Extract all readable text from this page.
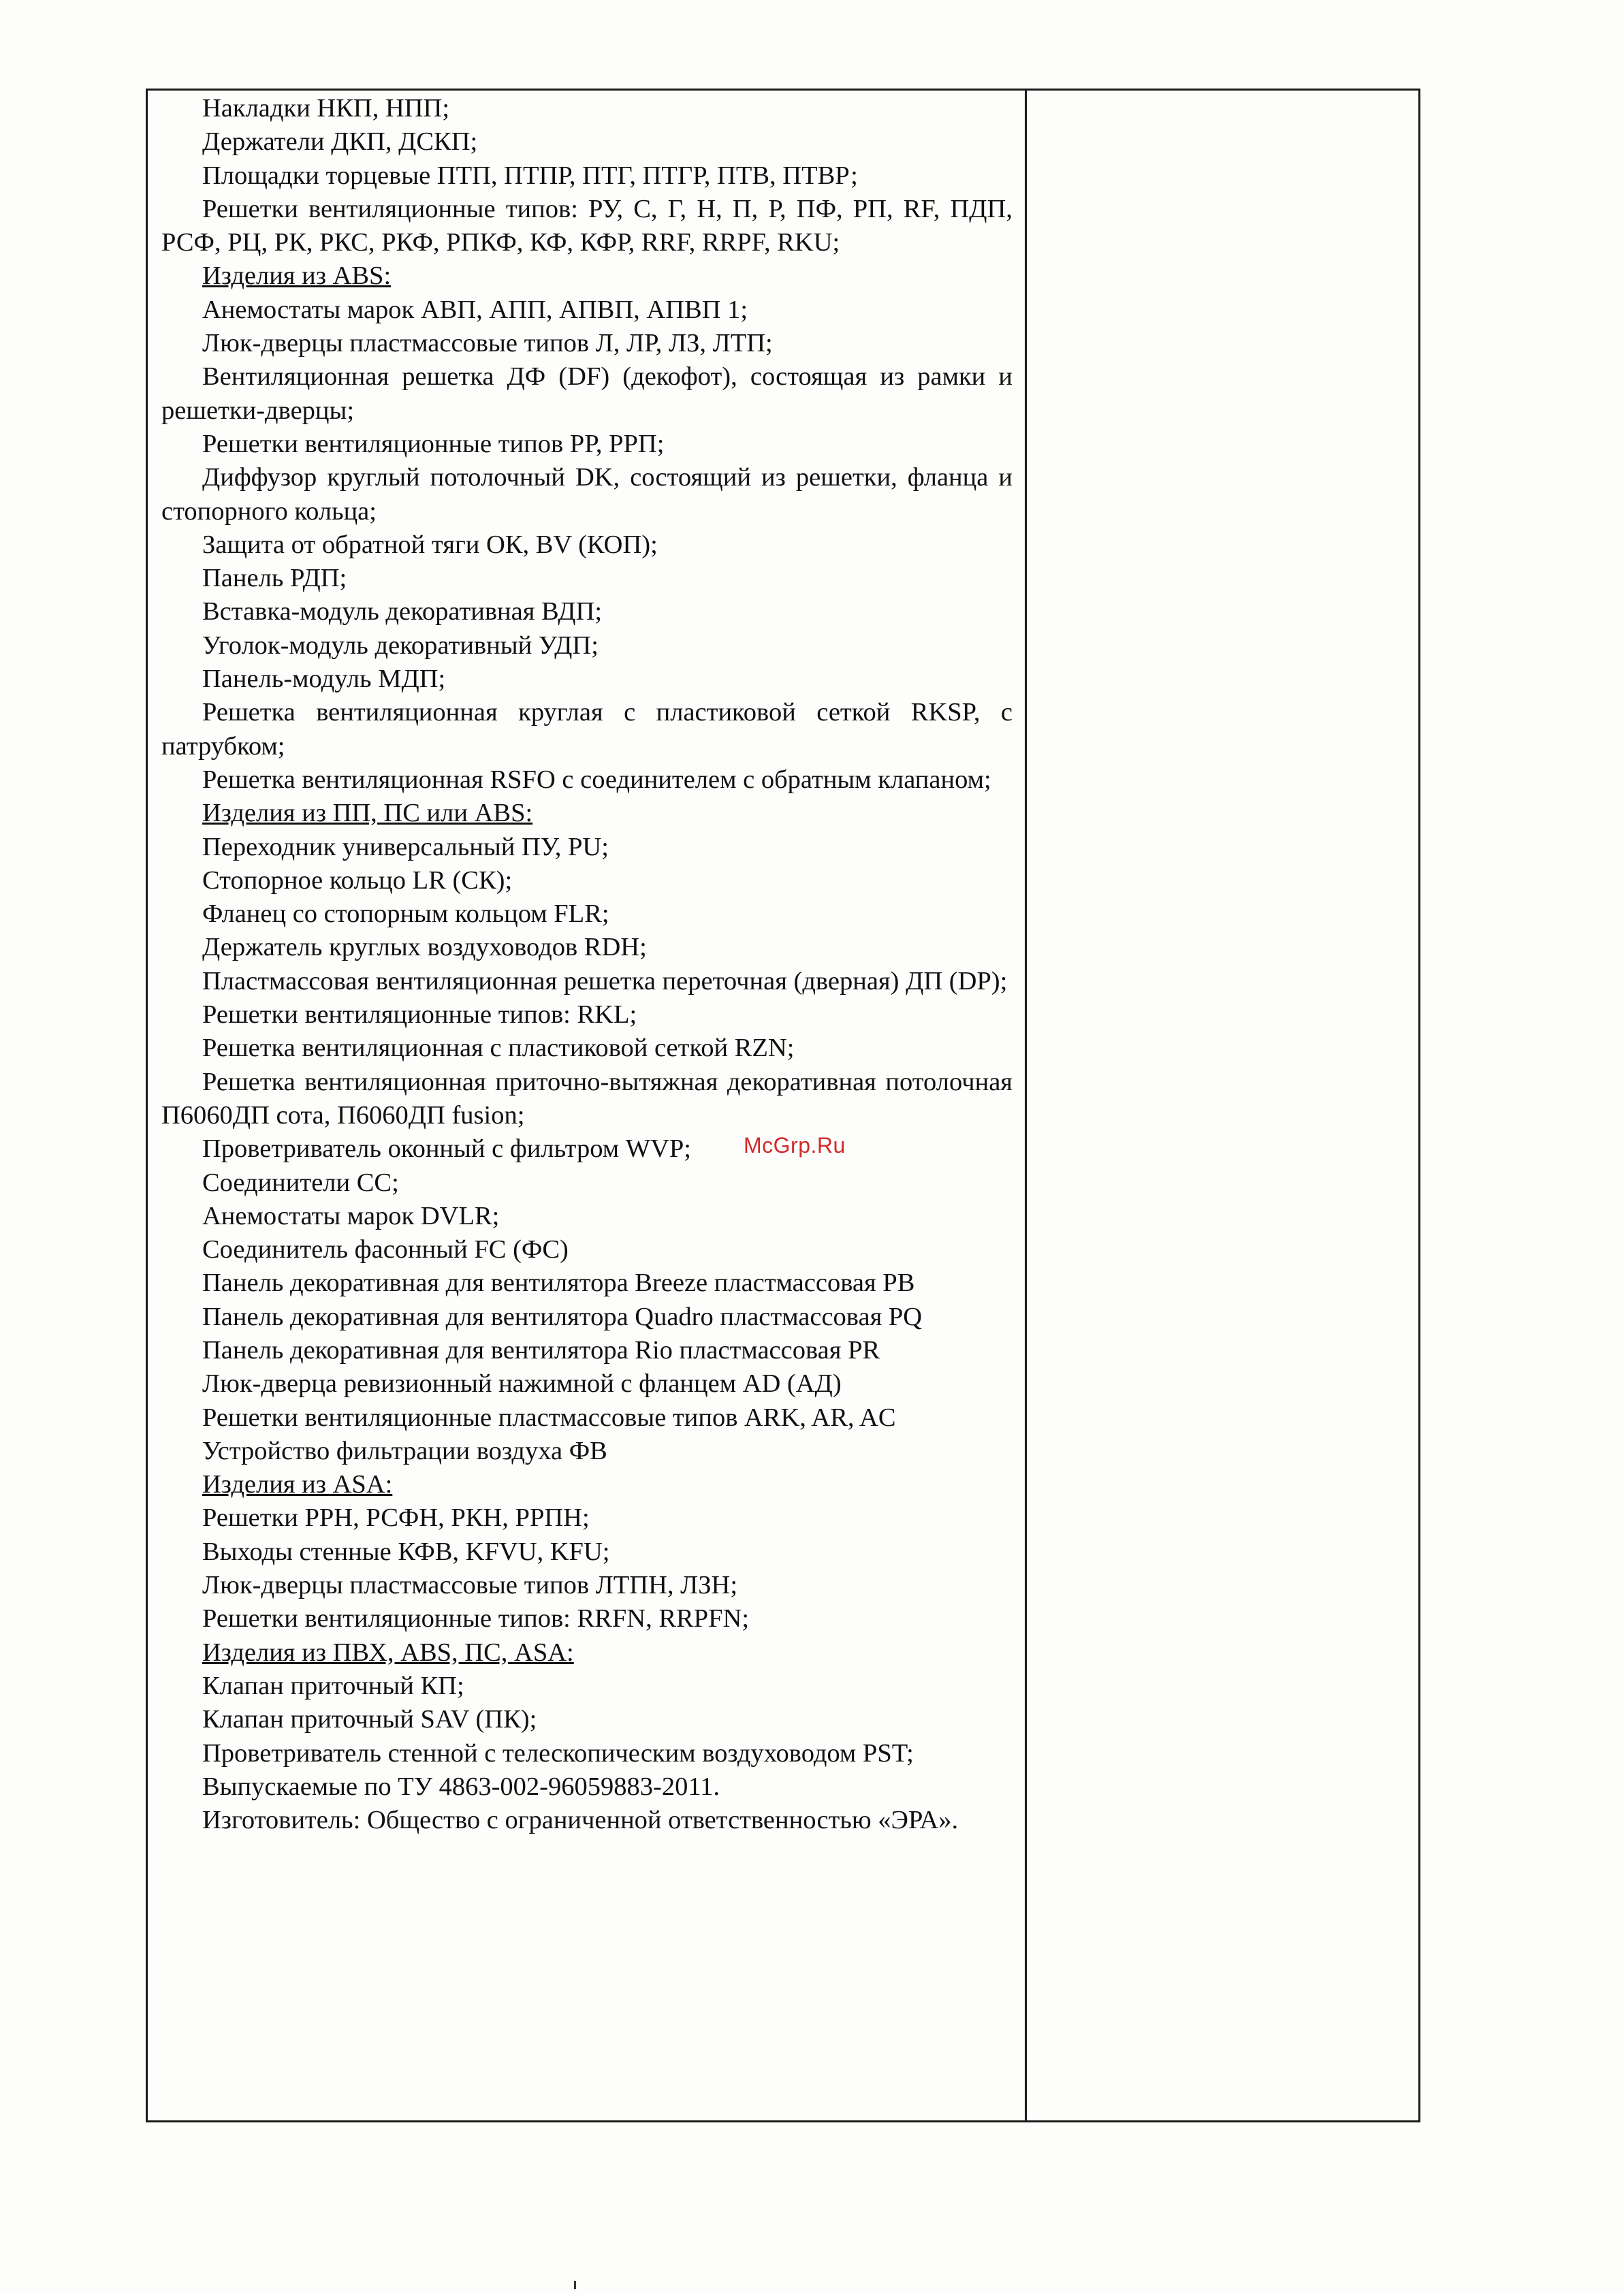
Накладки НКП, НПП;

Держатели ДКП, ДСКП;

Площадки торцевые ПТП, ПТПР, ПТГ, ПТГР, ПТВ, ПТВР;

Решетки вентиляционные типов: РУ, С, Г, Н, П, Р, ПФ, РП, RF, ПДП, РСФ, РЦ, РК, РКС, РКФ, РПКФ, КФ, КФР, RRF, RRPF, RKU;

Изделия из ABS:

Анемостаты марок АВП, АПП, АПВП, АПВП 1;

Люк-дверцы пластмассовые типов Л, ЛР, ЛЗ, ЛТП;

Вентиляционная решетка ДФ (DF) (декофот), состоящая из рамки и решетки-дверцы;

Решетки вентиляционные типов РР, РРП;

Диффузор круглый потолочный DK, состоящий из решетки, фланца и стопорного кольца;

Защита от обратной тяги ОК, BV (КОП);

Панель РДП;

Вставка-модуль декоративная ВДП;

Уголок-модуль декоративный УДП;

Панель-модуль МДП;

Решетка вентиляционная круглая с пластиковой сеткой RKSP, с патрубком;

Решетка вентиляционная RSFO с соединителем с обратным клапаном;

Изделия из ПП, ПС или ABS:

Переходник универсальный ПУ, PU;

Стопорное кольцо LR (СК);

Фланец со стопорным кольцом FLR;

Держатель круглых воздуховодов RDH;

Пластмассовая вентиляционная решетка переточная (дверная) ДП (DP);

Решетки вентиляционные типов: RKL;

Решетка вентиляционная с пластиковой сеткой RZN;

Решетка вентиляционная приточно-вытяжная декоративная потолочная П6060ДП сота, П6060ДП fusion;

Проветриватель оконный с фильтром WVP;

Соединители СС;

Анемостаты марок DVLR;

Соединитель фасонный FC (ФС)

Панель декоративная для вентилятора Breeze пластмассовая PB

Панель декоративная для вентилятора Quadro пластмассовая PQ

Панель декоративная для вентилятора Rio пластмассовая PR

Люк-дверца ревизионный нажимной с фланцем AD (АД)

Решетки вентиляционные пластмассовые типов ARK, AR, AC

Устройство фильтрации воздуха ФВ

Изделия из ASA:

Решетки РРН, РСФН, РКН, РРПН;

Выходы стенные КФВ, KFVU, KFU;

Люк-дверцы пластмассовые типов ЛТПН, ЛЗН;

Решетки вентиляционные типов: RRFN, RRPFN;

Изделия из ПВХ, ABS, ПС, ASA:

Клапан приточный КП;

Клапан приточный SAV (ПК);

Проветриватель стенной с телескопическим воздуховодом PST;

Выпускаемые по ТУ 4863-002-96059883-2011.

Изготовитель: Общество с ограниченной ответственностью «ЭРА».

McGrp.Ru
